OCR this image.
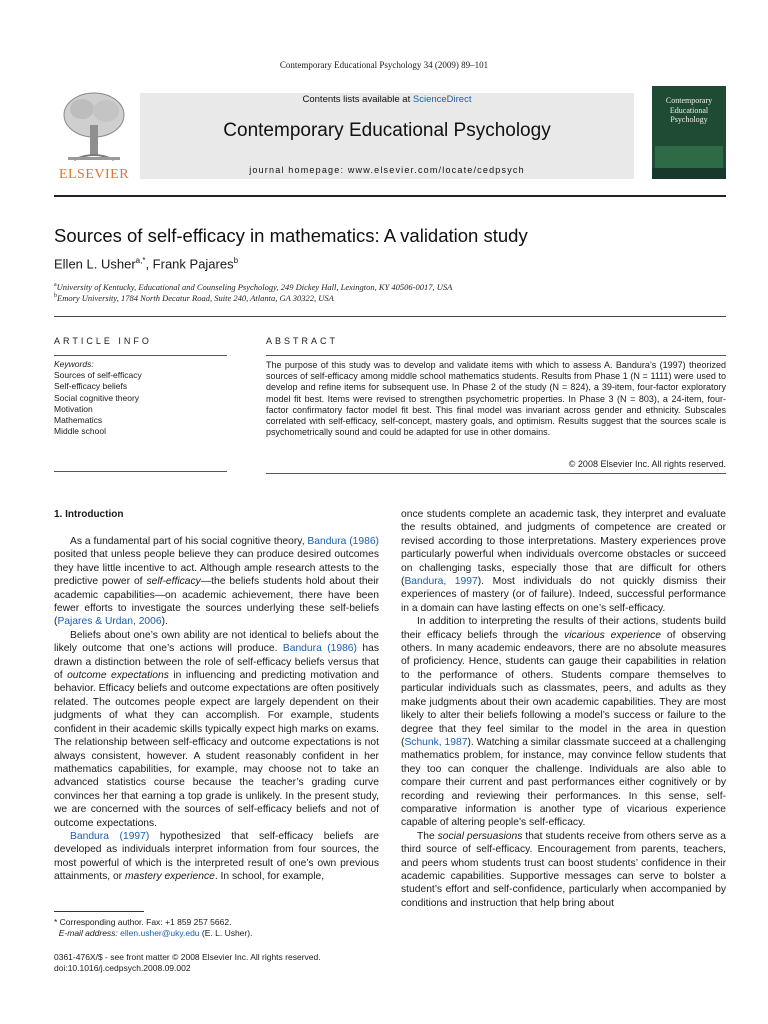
Contemporary Educational Psychology 34 (2009) 89–101
ELSEVIER
Contents lists available at ScienceDirect
Contemporary Educational Psychology
journal homepage: www.elsevier.com/locate/cedpsych
Contemporary
Educational
Psychology
Sources of self-efficacy in mathematics: A validation study
Ellen L. Usher$^{a,*}$, Frank Pajares$^b$
$^a$University of Kentucky, Educational and Counseling Psychology, 249 Dickey Hall, Lexington, KY 40506-0017, USA
$^b$Emory University, 1784 North Decatur Road, Suite 240, Atlanta, GA 30322, USA
ARTICLE INFO	ABSTRACT
Keywords:
Sources of self-efficacy
Self-efficacy beliefs
Social cognitive theory
Motivation
Mathematics
Middle school

The purpose of this study was to develop and validate items with which to assess A. Bandura’s (1997) theorized sources of self-efficacy among middle school mathematics students. Results from Phase 1 (N = 1111) were used to develop and refine items for subsequent use. In Phase 2 of the study (N = 824), a 39-item, four-factor exploratory model fit best. Items were revised to strengthen psychometric properties. In Phase 3 (N = 803), a 24-item, four-factor confirmatory factor model fit best. This final model was invariant across gender and ethnicity. Subscales correlated with self-efficacy, self-concept, mastery goals, and optimism. Results suggest that the sources scale is psychometrically sound and could be adapted for use in other domains.

© 2008 Elsevier Inc. All rights reserved.
1. Introduction

As a fundamental part of his social cognitive theory, Bandura (1986) posited that unless people believe they can produce desired outcomes they have little incentive to act. Although ample research attests to the predictive power of self-efficacy—the beliefs students hold about their academic capabilities—on academic achievement, there have been fewer efforts to investigate the sources underlying these self-beliefs (Pajares & Urdan, 2006).

Beliefs about one’s own ability are not identical to beliefs about the likely outcome that one’s actions will produce. Bandura (1986) has drawn a distinction between the role of self-efficacy beliefs versus that of outcome expectations in influencing and predicting motivation and behavior. Efficacy beliefs and outcome expectations are often positively related. The outcomes people expect are largely dependent on their judgments of what they can accomplish. For example, students confident in their academic skills typically expect high marks on exams. The relationship between self-efficacy and outcome expectations is not always consistent, however. A student reasonably confident in her mathematics capabilities, for example, may choose not to take an advanced statistics course because the teacher’s grading curve convinces her that earning a top grade is unlikely. In the present study, we are concerned with the sources of self-efficacy beliefs and not of outcome expectations.

Bandura (1997) hypothesized that self-efficacy beliefs are developed as individuals interpret information from four sources, the most powerful of which is the interpreted result of one’s own previous attainments, or mastery experience. In school, for example,

once students complete an academic task, they interpret and evaluate the results obtained, and judgments of competence are created or revised according to those interpretations. Mastery experiences prove particularly powerful when individuals overcome obstacles or succeed on challenging tasks, especially those that are difficult for others (Bandura, 1997). Most individuals do not quickly dismiss their experiences of mastery (or of failure). Indeed, successful performance in a domain can have lasting effects on one’s self-efficacy.

In addition to interpreting the results of their actions, students build their efficacy beliefs through the vicarious experience of observing others. In many academic endeavors, there are no absolute measures of proficiency. Hence, students can gauge their capabilities in relation to the performance of others. Students compare themselves to particular individuals such as classmates, peers, and adults as they make judgments about their own academic capabilities. They are most likely to alter their beliefs following a model’s success or failure to the degree that they feel similar to the model in the area in question (Schunk, 1987). Watching a similar classmate succeed at a challenging mathematics problem, for instance, may convince fellow students that they too can conquer the challenge. Individuals are also able to compare their current and past performances either cognitively or by recording and reviewing their performances. In this sense, self-comparative information is another type of vicarious experience capable of altering people’s self-efficacy.

The social persuasions that students receive from others serve as a third source of self-efficacy. Encouragement from parents, teachers, and peers whom students trust can boost students’ confidence in their academic capabilities. Supportive messages can serve to bolster a student’s effort and self-confidence, particularly when accompanied by conditions and instruction that help bring about

* Corresponding author. Fax: +1 859 257 5662.
E-mail address: ellen.usher@uky.edu (E. L. Usher).
0361-476X/$ - see front matter © 2008 Elsevier Inc. All rights reserved.
doi:10.1016/j.cedpsych.2008.09.002
